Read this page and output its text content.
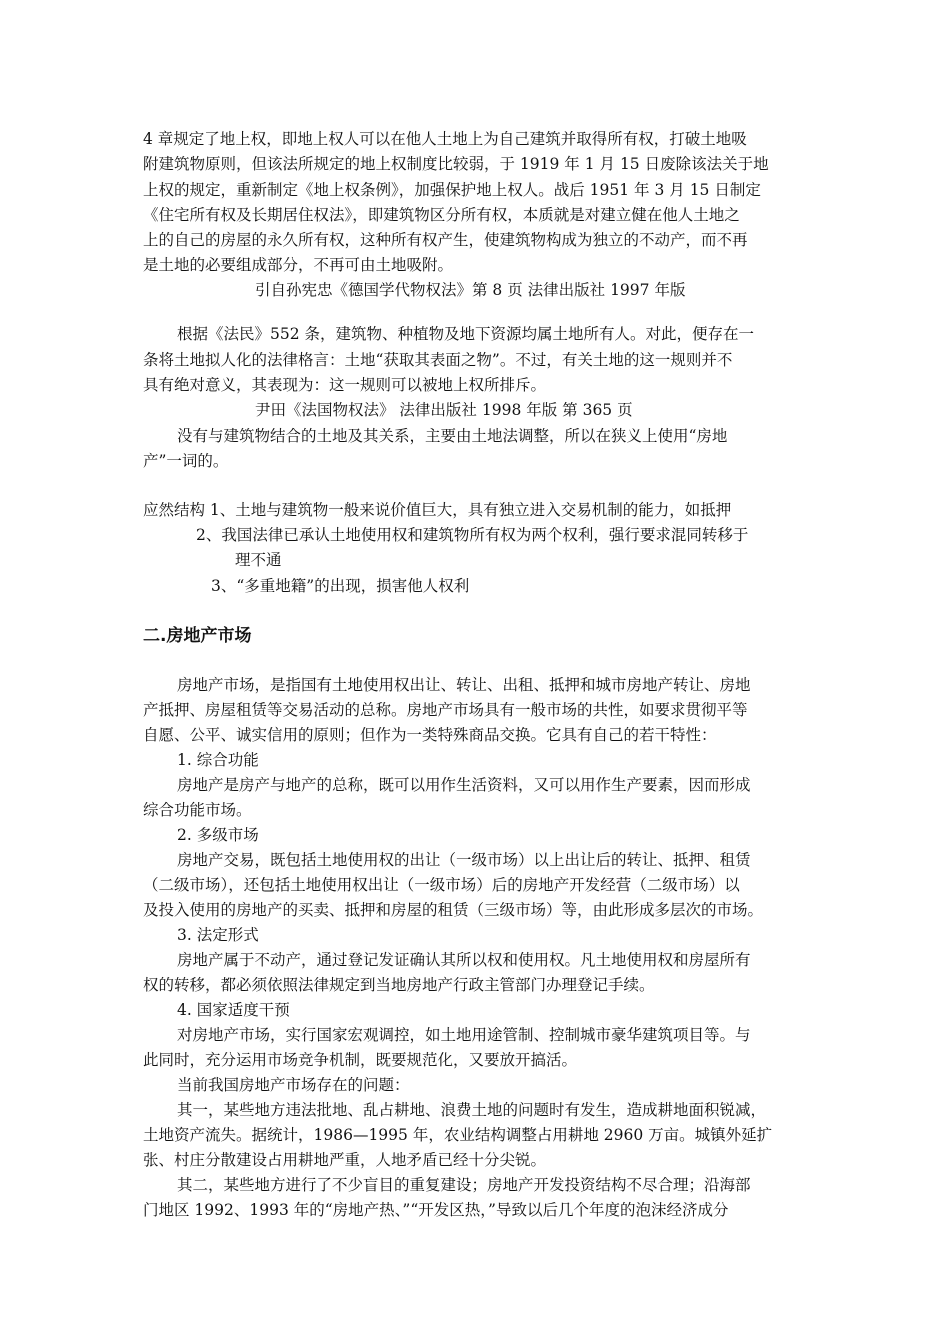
4 章规定了地上权，即地上权人可以在他人土地上为自己建筑并取得所有权，打破土地吸
附建筑物原则，但该法所规定的地上权制度比较弱，于 1919 年 1 月 15 日废除该法关于地
上权的规定，重新制定《地上权条例》，加强保护地上权人。战后 1951 年 3 月 15 日制定
《住宅所有权及长期居住权法》，即建筑物区分所有权，本质就是对建立健在他人土地之
上的自己的房屋的永久所有权，这种所有权产生，使建筑物构成为独立的不动产，而不再
是土地的必要组成部分，不再可由土地吸附。
引自孙宪忠《德国学代物权法》第 8 页 法律出版社 1997 年版
根据《法民》552 条，建筑物、种植物及地下资源均属土地所有人。对此，便存在一
条将土地拟人化的法律格言：土地“获取其表面之物”。不过，有关土地的这一规则并不
具有绝对意义，其表现为：这一规则可以被地上权所排斥。
尹田《法国物权法》 法律出版社 1998 年版 第 365 页
没有与建筑物结合的土地及其关系，主要由土地法调整，所以在狭义上使用“房地
产”一词的。
应然结构 1、土地与建筑物一般来说价值巨大，具有独立进入交易机制的能力，如抵押
2、我国法律已承认土地使用权和建筑物所有权为两个权利，强行要求混同转移于
理不通
3、“多重地籍”的出现，损害他人权利
二.房地产市场
房地产市场，是指国有土地使用权出让、转让、出租、抵押和城市房地产转让、房地
产抵押、房屋租赁等交易活动的总称。房地产市场具有一般市场的共性，如要求贯彻平等
自愿、公平、诚实信用的原则；但作为一类特殊商品交换。它具有自己的若干特性：
1. 综合功能
房地产是房产与地产的总称，既可以用作生活资料，又可以用作生产要素，因而形成
综合功能市场。
2. 多级市场
房地产交易，既包括土地使用权的出让（一级市场）以上出让后的转让、抵押、租赁
（二级市场），还包括土地使用权出让（一级市场）后的房地产开发经营（二级市场）以
及投入使用的房地产的买卖、抵押和房屋的租赁（三级市场）等，由此形成多层次的市场。
3. 法定形式
房地产属于不动产，通过登记发证确认其所以权和使用权。凡土地使用权和房屋所有
权的转移，都必须依照法律规定到当地房地产行政主管部门办理登记手续。
4. 国家适度干预
对房地产市场，实行国家宏观调控，如土地用途管制、控制城市豪华建筑项目等。与
此同时，充分运用市场竞争机制，既要规范化，又要放开搞活。
当前我国房地产市场存在的问题：
其一，某些地方违法批地、乱占耕地、浪费土地的问题时有发生，造成耕地面积锐减，
土地资产流失。据统计，1986—1995 年，农业结构调整占用耕地 2960 万亩。城镇外延扩
张、村庄分散建设占用耕地严重，人地矛盾已经十分尖锐。
其二，某些地方进行了不少盲目的重复建设；房地产开发投资结构不尽合理；沿海部
门地区 1992、1993 年的“房地产热、”“开发区热，”导致以后几个年度的泡沫经济成分
